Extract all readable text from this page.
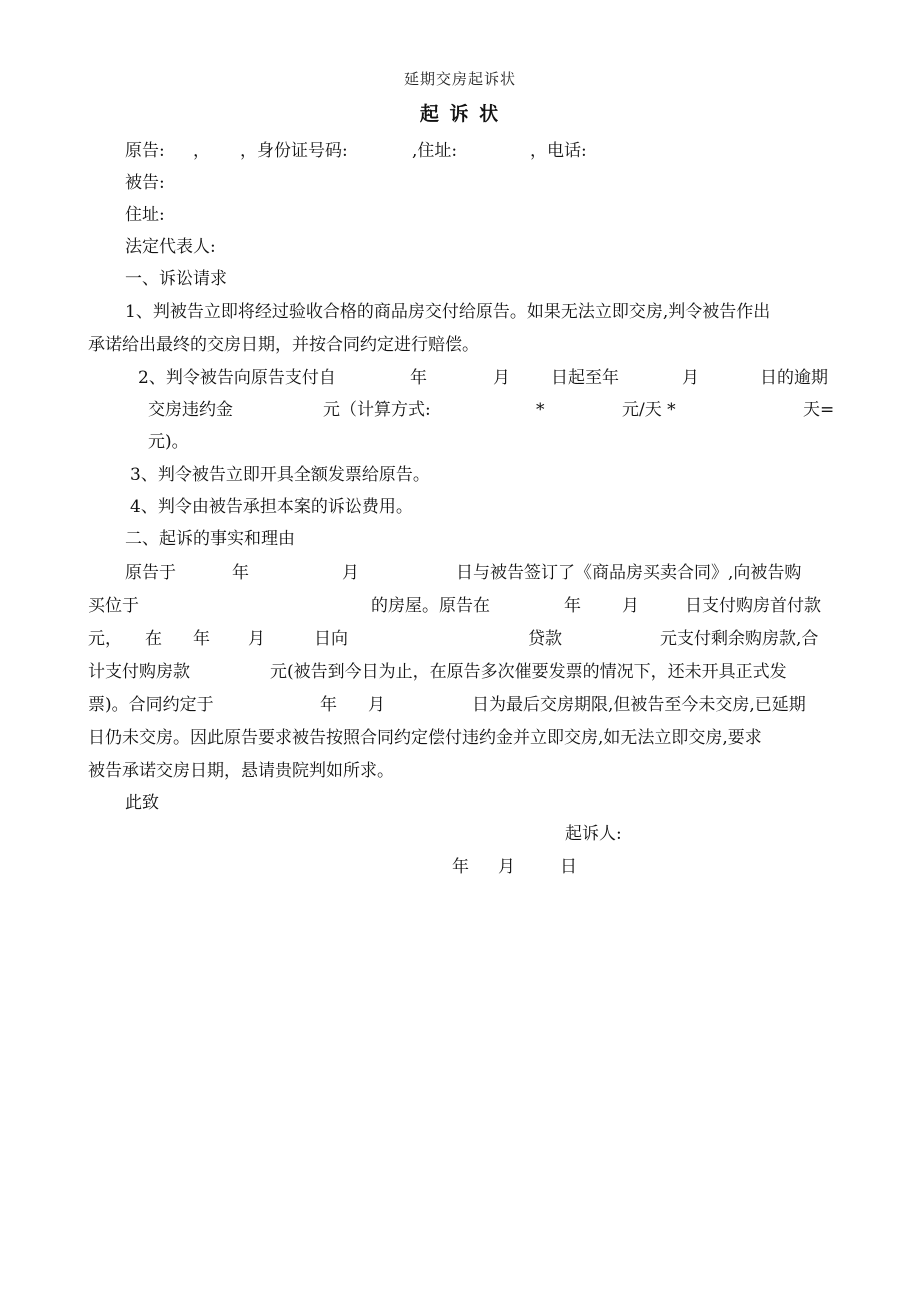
延期交房起诉状
起 诉 状
原告: ， ，身份证号码:	,住址:	，电话:
被告:
住址:
法定代表人:
一、诉讼请求
1、判被告立即将经过验收合格的商品房交付给原告。如果无法立即交房,判令被告作出
承诺给出最终的交房日期，并按合同约定进行赔偿。
2、判令被告向原告支付自	年	月 日起至年	月	日的逾期
交房违约金	元（计算方式:	*	元/天 *	天=
元)。
3、判令被告立即开具全额发票给原告。
4、判令由被告承担本案的诉讼费用。
二、起诉的事实和理由
原告于	年	月	日与被告签订了《商品房买卖合同》,向被告购
买位于	的房屋。原告在	年 月	日支付购房首付款
元， 在 年 月	日向	贷款	元支付剩余购房款,合
计支付购房款	元(被告到今日为止，在原告多次催要发票的情况下，还未开具正式发
票)。合同约定于	年 月	日为最后交房期限,但被告至今未交房,已延期
日仍未交房。因此原告要求被告按照合同约定偿付违约金并立即交房,如无法立即交房,要求
被告承诺交房日期，悬请贵院判如所求。
此致
起诉人:
年 月	日
